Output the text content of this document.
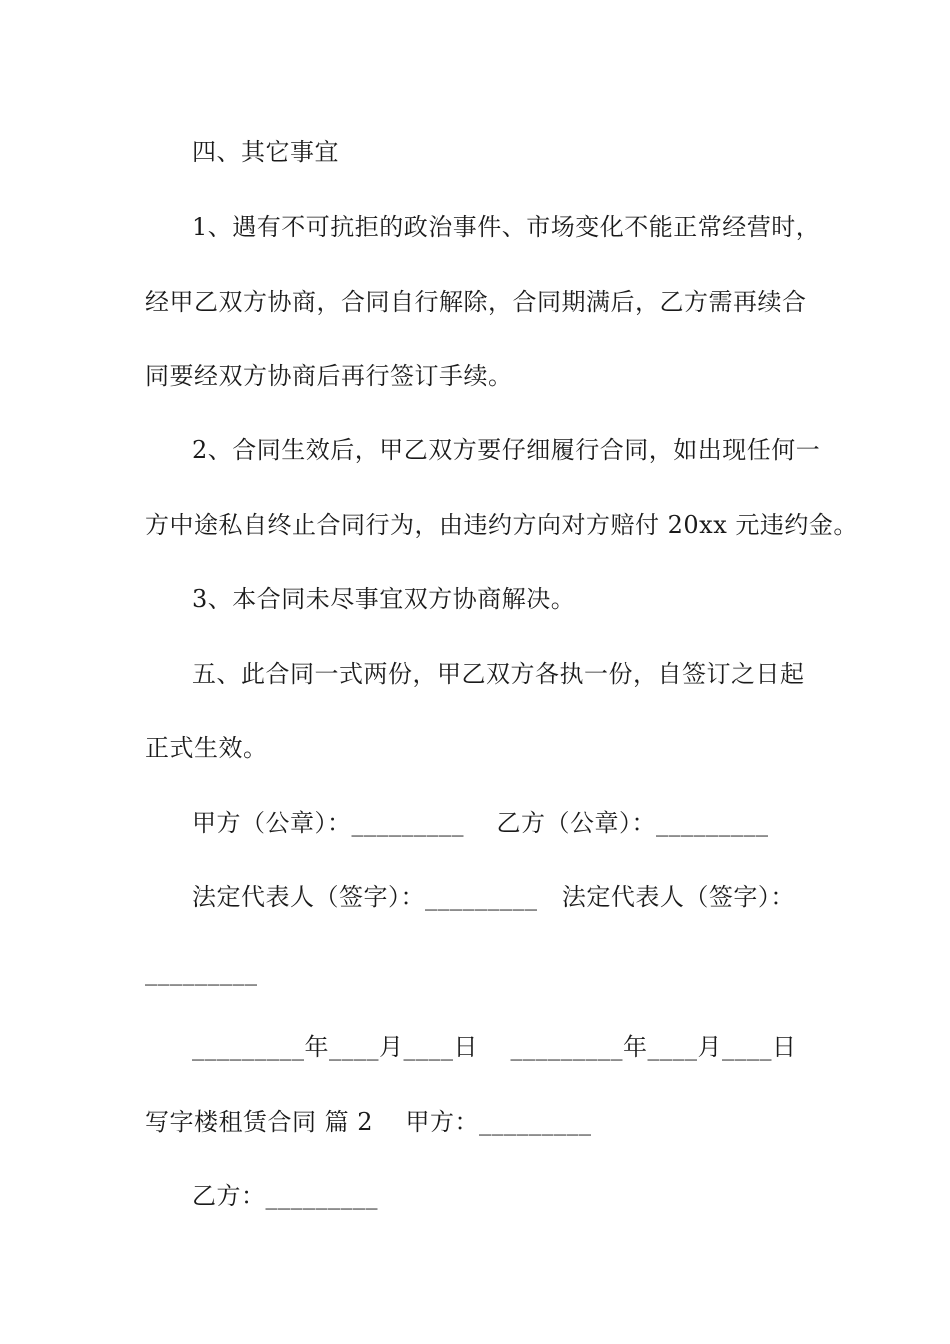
四、其它事宜
1、遇有不可抗拒的政治事件、市场变化不能正常经营时，
经甲乙双方协商，合同自行解除，合同期满后，乙方需再续合
同要经双方协商后再行签订手续。
2、合同生效后，甲乙双方要仔细履行合同，如出现任何一
方中途私自终止合同行为，由违约方向对方赔付 20xx 元违约金。
3、本合同未尽事宜双方协商解决。
五、此合同一式两份，甲乙双方各执一份，自签订之日起
正式生效。
甲方（公章）：_________    乙方（公章）：_________
法定代表人（签字）：_________   法定代表人（签字）：
_________
_________年____月____日    _________年____月____日
写字楼租赁合同 篇 2    甲方：_________
乙方：_________
